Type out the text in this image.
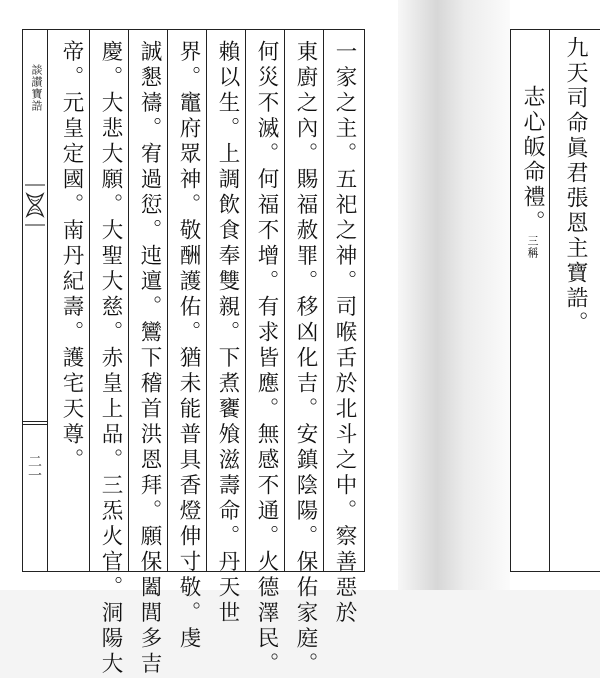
談讃寶誥
二一	一家之主。五祀之神。司喉舌於北斗之中。察善惡於
東廚之內。賜福赦罪。移凶化吉。安鎮陰陽。保佑家庭。
何災不滅。何福不增。有求皆應。無感不通。火德澤民。
賴以生。上調飲食奉雙親。下煮饔飧滋壽命。丹天世
界。竈府眾神。敬酬護佑。猶未能普具香燈伸寸敬。虔
誠懇禱。宥過愆。迍邅。鸞下稽首洪恩拜。願保闔閭多吉
慶。大悲大願。大聖大慈。赤皇上品。三炁火官。洞陽大
帝。元皇定國。南丹紀壽。護宅天尊。	九天司命眞君張恩主寶誥。
志心皈命禮。三稱
